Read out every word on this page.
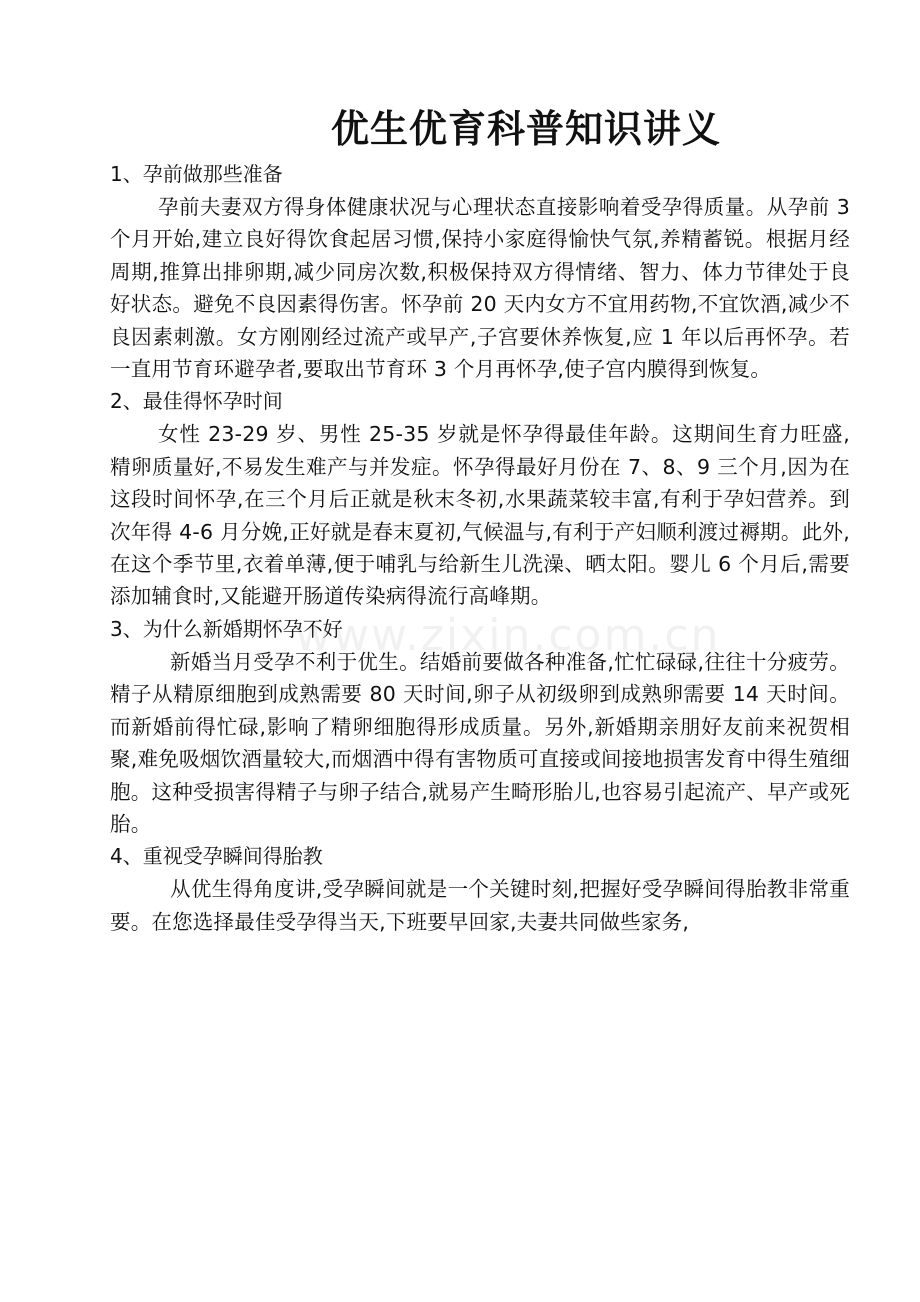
www.zixin.com.cn
优生优育科普知识讲义
1、孕前做那些准备

孕前夫妻双方得身体健康状况与心理状态直接影响着受孕得质量。从孕前 3 个月开始,建立良好得饮食起居习惯,保持小家庭得愉快气氛,养精蓄锐。根据月经周期,推算出排卵期,减少同房次数,积极保持双方得情绪、智力、体力节律处于良好状态。避免不良因素得伤害。怀孕前 20 天内女方不宜用药物,不宜饮酒,减少不良因素刺激。女方刚刚经过流产或早产,子宫要休养恢复,应 1 年以后再怀孕。若一直用节育环避孕者,要取出节育环 3 个月再怀孕,使子宫内膜得到恢复。

2、最佳得怀孕时间

女性 23-29 岁、男性 25-35 岁就是怀孕得最佳年龄。这期间生育力旺盛,精卵质量好,不易发生难产与并发症。怀孕得最好月份在 7、8、9 三个月,因为在这段时间怀孕,在三个月后正就是秋末冬初,水果蔬菜较丰富,有利于孕妇营养。到次年得 4-6 月分娩,正好就是春末夏初,气候温与,有利于产妇顺利渡过褥期。此外,在这个季节里,衣着单薄,便于哺乳与给新生儿洗澡、晒太阳。婴儿 6 个月后,需要添加辅食时,又能避开肠道传染病得流行高峰期。

3、为什么新婚期怀孕不好

新婚当月受孕不利于优生。结婚前要做各种准备,忙忙碌碌,往往十分疲劳。精子从精原细胞到成熟需要 80 天时间,卵子从初级卵到成熟卵需要 14 天时间。而新婚前得忙碌,影响了精卵细胞得形成质量。另外,新婚期亲朋好友前来祝贺相聚,难免吸烟饮酒量较大,而烟酒中得有害物质可直接或间接地损害发育中得生殖细胞。这种受损害得精子与卵子结合,就易产生畸形胎儿,也容易引起流产、早产或死胎。

4、重视受孕瞬间得胎教

从优生得角度讲,受孕瞬间就是一个关键时刻,把握好受孕瞬间得胎教非常重要。在您选择最佳受孕得当天,下班要早回家,夫妻共同做些家务,
